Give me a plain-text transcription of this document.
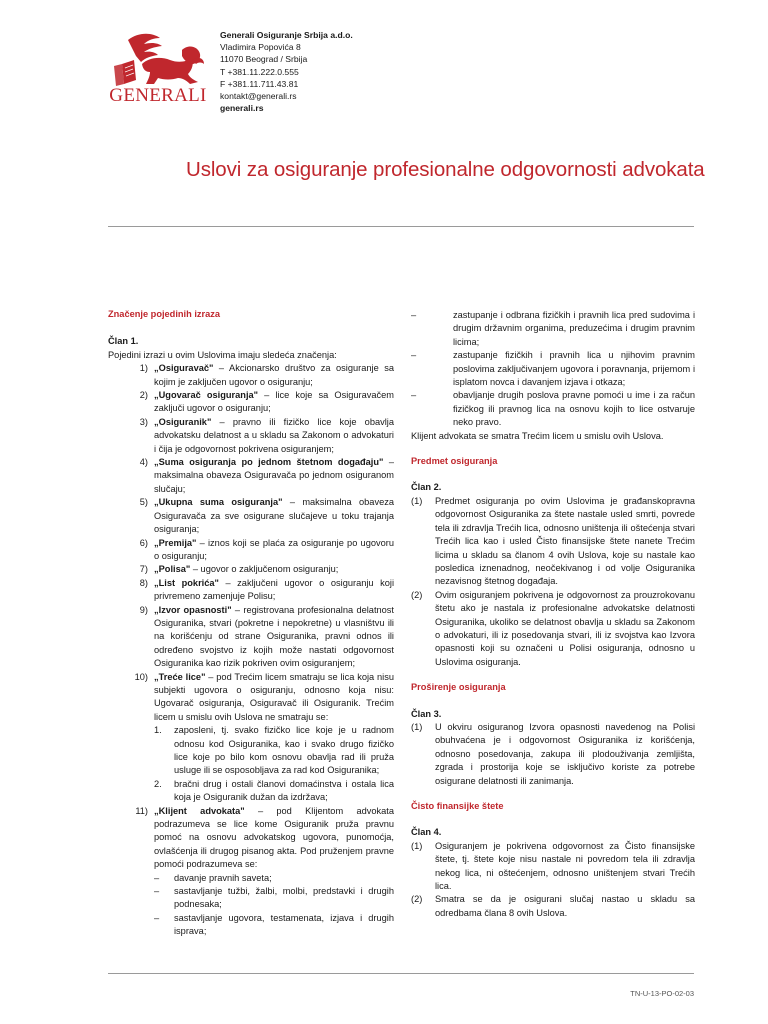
GENERALI
Generali Osiguranje Srbija a.d.o.
Vladimira Popovića 8
11070 Beograd / Srbija
T +381.11.222.0.555
F +381.11.711.43.81
kontakt@generali.rs
generali.rs
Uslovi za osiguranje profesionalne odgovornosti advokata

Značenje pojedinih izraza

Član 1.

Pojedini izrazi u ovim Uslovima imaju sledeća značenja:

1) „Osiguravač" – Akcionarsko društvo za osiguranje sa kojim je zaključen ugovor o osiguranju;
2) „Ugovarač osiguranja" – lice koje sa Osiguravačem zaključi ugovor o osiguranju;
3) „Osiguranik" – pravno ili fizičko lice koje obavlja advokatsku delatnost a u skladu sa Zakonom o advokaturi i čija je odgovornost pokrivena osiguranjem;
4) „Suma osiguranja po jednom štetnom događaju" – maksimalna obaveza Osiguravača po jednom osiguranom slučaju;
5) „Ukupna suma osiguranja" – maksimalna obaveza Osiguravača za sve osigurane slučajeve u toku trajanja osiguranja;
6) „Premija" – iznos koji se plaća za osiguranje po ugovoru o osiguranju;
7) „Polisa" – ugovor o zaključenom osiguranju;
8) „List pokrića" – zaključeni ugovor o osiguranju koji privremeno zamenjuje Polisu;
9) „Izvor opasnosti" – registrovana profesionalna delatnost Osiguranika, stvari (pokretne i nepokretne) u vlasništvu ili na korišćenju od strane Osiguranika, pravni odnos ili određeno svojstvo iz kojih može nastati odgovornost Osiguranika kao rizik pokriven ovim osiguranjem;
10) „Treće lice" – pod Trećim licem smatraju se lica koja nisu subjekti ugovora o osiguranju, odnosno koja nisu: Ugovarač osiguranja, Osiguravač ili Osiguranik. Trećim licem u smislu ovih Uslova ne smatraju se:
1. zaposleni, tj. svako fizičko lice koje je u radnom odnosu kod Osiguranika, kao i svako drugo fizičko lice koje po bilo kom osnovu obavlja rad ili pruža usluge ili se osposobljava za rad kod Osiguranika;
2. bračni drug i ostali članovi domaćinstva i ostala lica koja je Osiguranik dužan da izdržava;
11) „Klijent advokata" – pod Klijentom advokata podrazumeva se lice kome Osiguranik pruža pravnu pomoć na osnovu advokatskog ugovora, punomoćja, ovlašćenja ili drugog pisanog akta. Pod pruženjem pravne pomoći podrazumeva se:
–	davanje pravnih saveta;
–	sastavljanje tužbi, žalbi, molbi, predstavki i drugih podnesaka;
–	sastavljanje ugovora, testamenata, izjava i drugih isprava;
–	zastupanje i odbrana fizičkih i pravnih lica pred sudovima i drugim državnim organima, preduzećima i drugim pravnim licima;
–	zastupanje fizičkih i pravnih lica u njihovim pravnim poslovima zaključivanjem ugovora i poravnanja, prijemom i isplatom novca i davanjem izjava i otkaza;
–	obavljanje drugih poslova pravne pomoći u ime i za račun fizičkog ili pravnog lica na osnovu kojih to lice ostvaruje neko pravo.

Klijent advokata se smatra Trećim licem u smislu ovih Uslova.

Predmet osiguranja

Član 2.

(1) Predmet osiguranja po ovim Uslovima je građanskopravna odgovornost Osiguranika za štete nastale usled smrti, povrede tela ili zdravlja Trećih lica, odnosno uništenja ili oštećenja stvari Trećih lica kao i usled Čisto finansijske štete nanete Trećim licima u skladu sa članom 4 ovih Uslova, koje su nastale kao posledica iznenadnog, neočekivanog i od volje Osiguranika nezavisnog štetnog događaja.
(2) Ovim osiguranjem pokrivena je odgovornost za prouzrokovanu štetu ako je nastala iz profesionalne advokatske delatnosti Osiguranika, ukoliko se delatnost obavlja u skladu sa Zakonom o advokaturi, ili iz posedovanja stvari, ili iz svojstva kao Izvora opasnosti koji su označeni u Polisi osiguranja, odnosno u Uslovima osiguranja.

Proširenje osiguranja

Član 3.

(1) U okviru osiguranog Izvora opasnosti navedenog na Polisi obuhvaćena je i odgovornost Osiguranika iz korišćenja, odnosno posedovanja, zakupa ili plodouživanja zemljišta, zgrada i prostorija koje se isključivo koriste za potrebe osigurane delatnosti ili zanimanja.

Čisto finansijke štete

Član 4.

(1) Osiguranjem je pokrivena odgovornost za Čisto finansijske štete, tj. štete koje nisu nastale ni povredom tela ili zdravlja nekog lica, ni oštećenjem, odnosno uništenjem stvari Trećih lica.
(2) Smatra se da je osigurani slučaj nastao u skladu sa odredbama člana 8 ovih Uslova.
TN-U-13-PO-02-03
